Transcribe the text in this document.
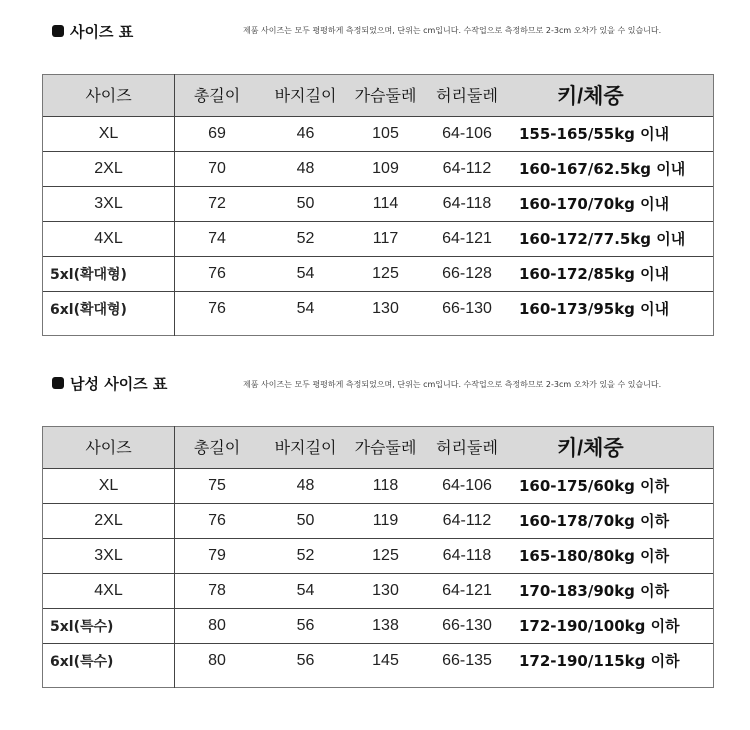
사이즈 표	제품 사이즈는 모두 평평하게 측정되었으며, 단위는 cm입니다. 수작업으로 측정하므로 2-3cm 오차가 있을 수 있습니다.
사이즈	총길이	바지길이	가슴둘레	허리둘레	키/체중
XL	69	46	105	64-106	155-165/55kg 이내
2XL	70	48	109	64-112	160-167/62.5kg 이내
3XL	72	50	114	64-118	160-170/70kg 이내
4XL	74	52	117	64-121	160-172/77.5kg 이내
5xl(확대형)	76	54	125	66-128	160-172/85kg 이내
6xl(확대형)	76	54	130	66-130	160-173/95kg 이내
남성 사이즈 표	제품 사이즈는 모두 평평하게 측정되었으며, 단위는 cm입니다. 수작업으로 측정하므로 2-3cm 오차가 있을 수 있습니다.
사이즈	총길이	바지길이	가슴둘레	허리둘레	키/체중
XL	75	48	118	64-106	160-175/60kg 이하
2XL	76	50	119	64-112	160-178/70kg 이하
3XL	79	52	125	64-118	165-180/80kg 이하
4XL	78	54	130	64-121	170-183/90kg 이하
5xl(특수)	80	56	138	66-130	172-190/100kg 이하
6xl(특수)	80	56	145	66-135	172-190/115kg 이하
